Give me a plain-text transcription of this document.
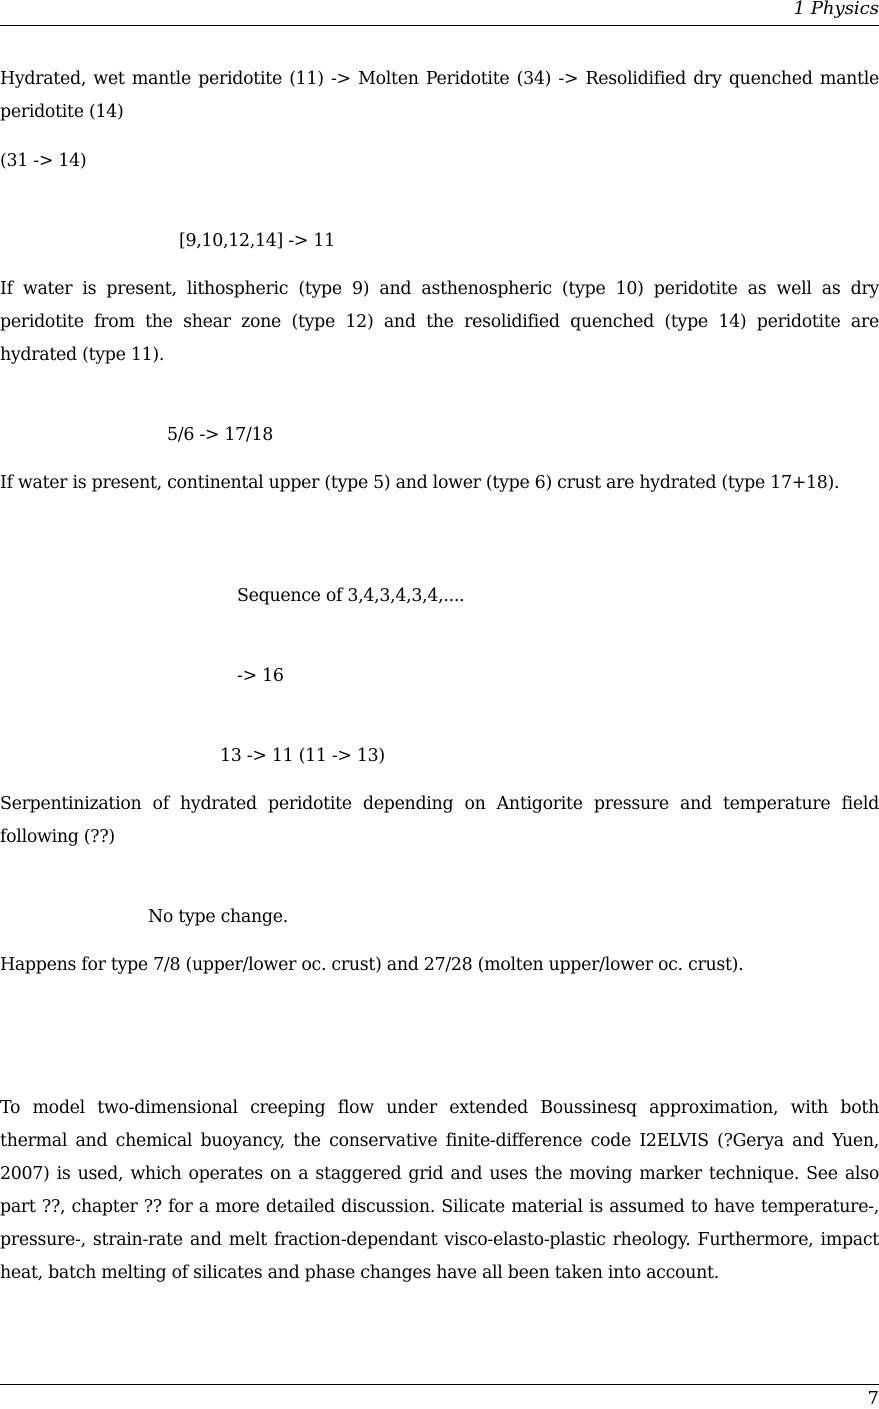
1 Physics

Hydrated, wet mantle peridotite (11) -> Molten Peridotite (34) -> Resolidified dry quenched mantle peridotite (14)

(31 -> 14)

[9,10,12,14] -> 11

If water is present, lithospheric (type 9) and asthenospheric (type 10) peridotite as well as dry peridotite from the shear zone (type 12) and the resolidified quenched (type 14) peridotite are hydrated (type 11).

5/6 -> 17/18

If water is present, continental upper (type 5) and lower (type 6) crust are hydrated (type 17+18).

Sequence of 3,4,3,4,3,4,....
-> 16
13 -> 11 (11 -> 13)

Serpentinization of hydrated peridotite depending on Antigorite pressure and temperature field following (??)

No type change.

Happens for type 7/8 (upper/lower oc. crust) and 27/28 (molten upper/lower oc. crust).

To model two-dimensional creeping flow under extended Boussinesq approximation, with both thermal and chemical buoyancy, the conservative finite-difference code I2ELVIS (?Gerya and Yuen, 2007) is used, which operates on a staggered grid and uses the moving marker technique. See also part ??, chapter ?? for a more detailed discussion. Silicate material is assumed to have temperature-, pressure-, strain-rate and melt fraction-dependant visco-elasto-plastic rheology. Furthermore, impact heat, batch melting of silicates and phase changes have all been taken into account.

7
